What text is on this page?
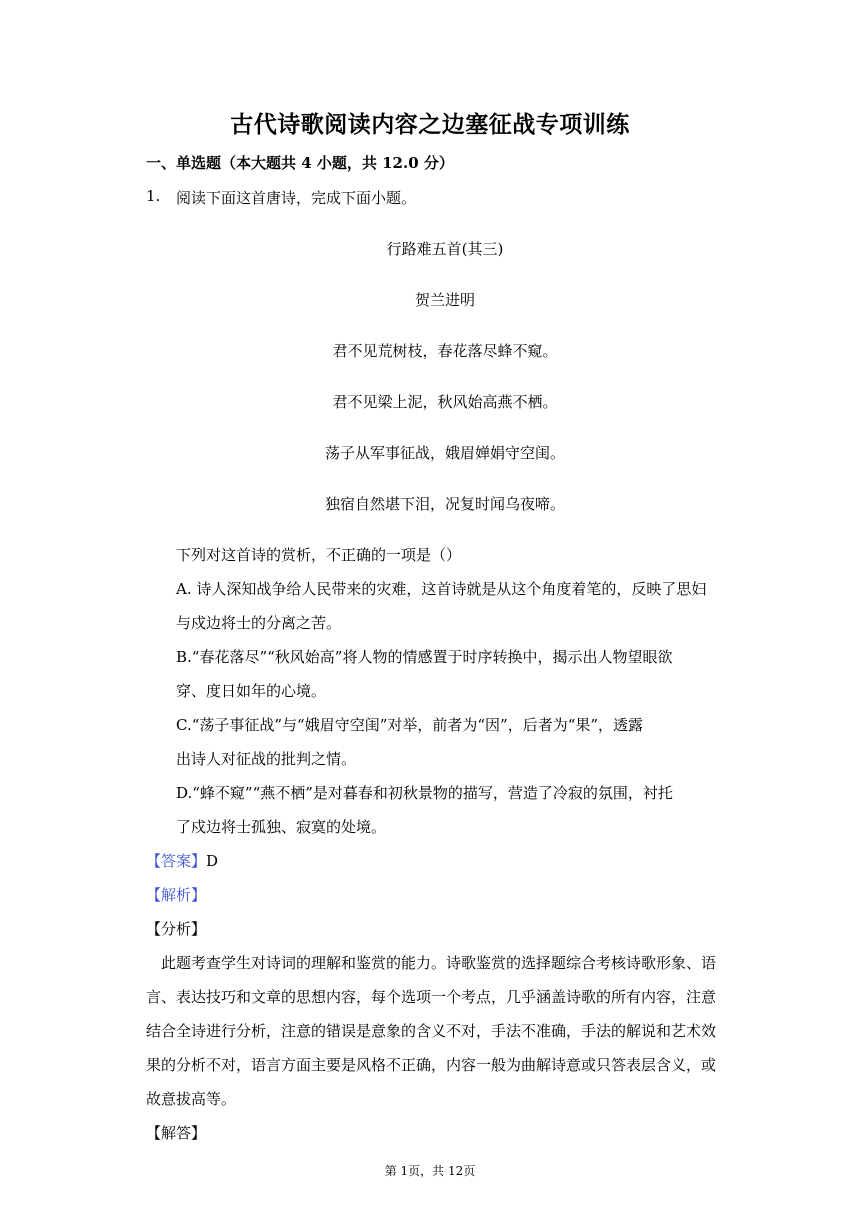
古代诗歌阅读内容之边塞征战专项训练
一、单选题（本大题共 4 小题，共 12.0 分）
1. 阅读下面这首唐诗，完成下面小题。
行路难五首(其三)
贺兰进明
君不见荒树枝，春花落尽蜂不窥。
君不见梁上泥，秋风始高燕不栖。
荡子从军事征战，娥眉婵娟守空闺。
独宿自然堪下泪，况复时闻乌夜啼。
下列对这首诗的赏析，不正确的一项是（）
A. 诗人深知战争给人民带来的灾难，这首诗就是从这个角度着笔的，反映了思妇
与戍边将士的分离之苦。
B.“春花落尽”“秋风始高”将人物的情感置于时序转换中，揭示出人物望眼欲
穿、度日如年的心境。
C.“荡子事征战”与“娥眉守空闺”对举，前者为“因”，后者为“果”，透露
出诗人对征战的批判之情。
D.“蜂不窥”“燕不栖”是对暮春和初秋景物的描写，营造了冷寂的氛围，衬托
了戍边将士孤独、寂寞的处境。
【答案】D
【解析】
【分析】
此题考查学生对诗词的理解和鉴赏的能力。诗歌鉴赏的选择题综合考核诗歌形象、语
言、表达技巧和文章的思想内容，每个选项一个考点，几乎涵盖诗歌的所有内容，注意
结合全诗进行分析，注意的错误是意象的含义不对，手法不准确，手法的解说和艺术效
果的分析不对，语言方面主要是风格不正确，内容一般为曲解诗意或只答表层含义，或
故意拔高等。
【解答】
第 1页，共 12页
